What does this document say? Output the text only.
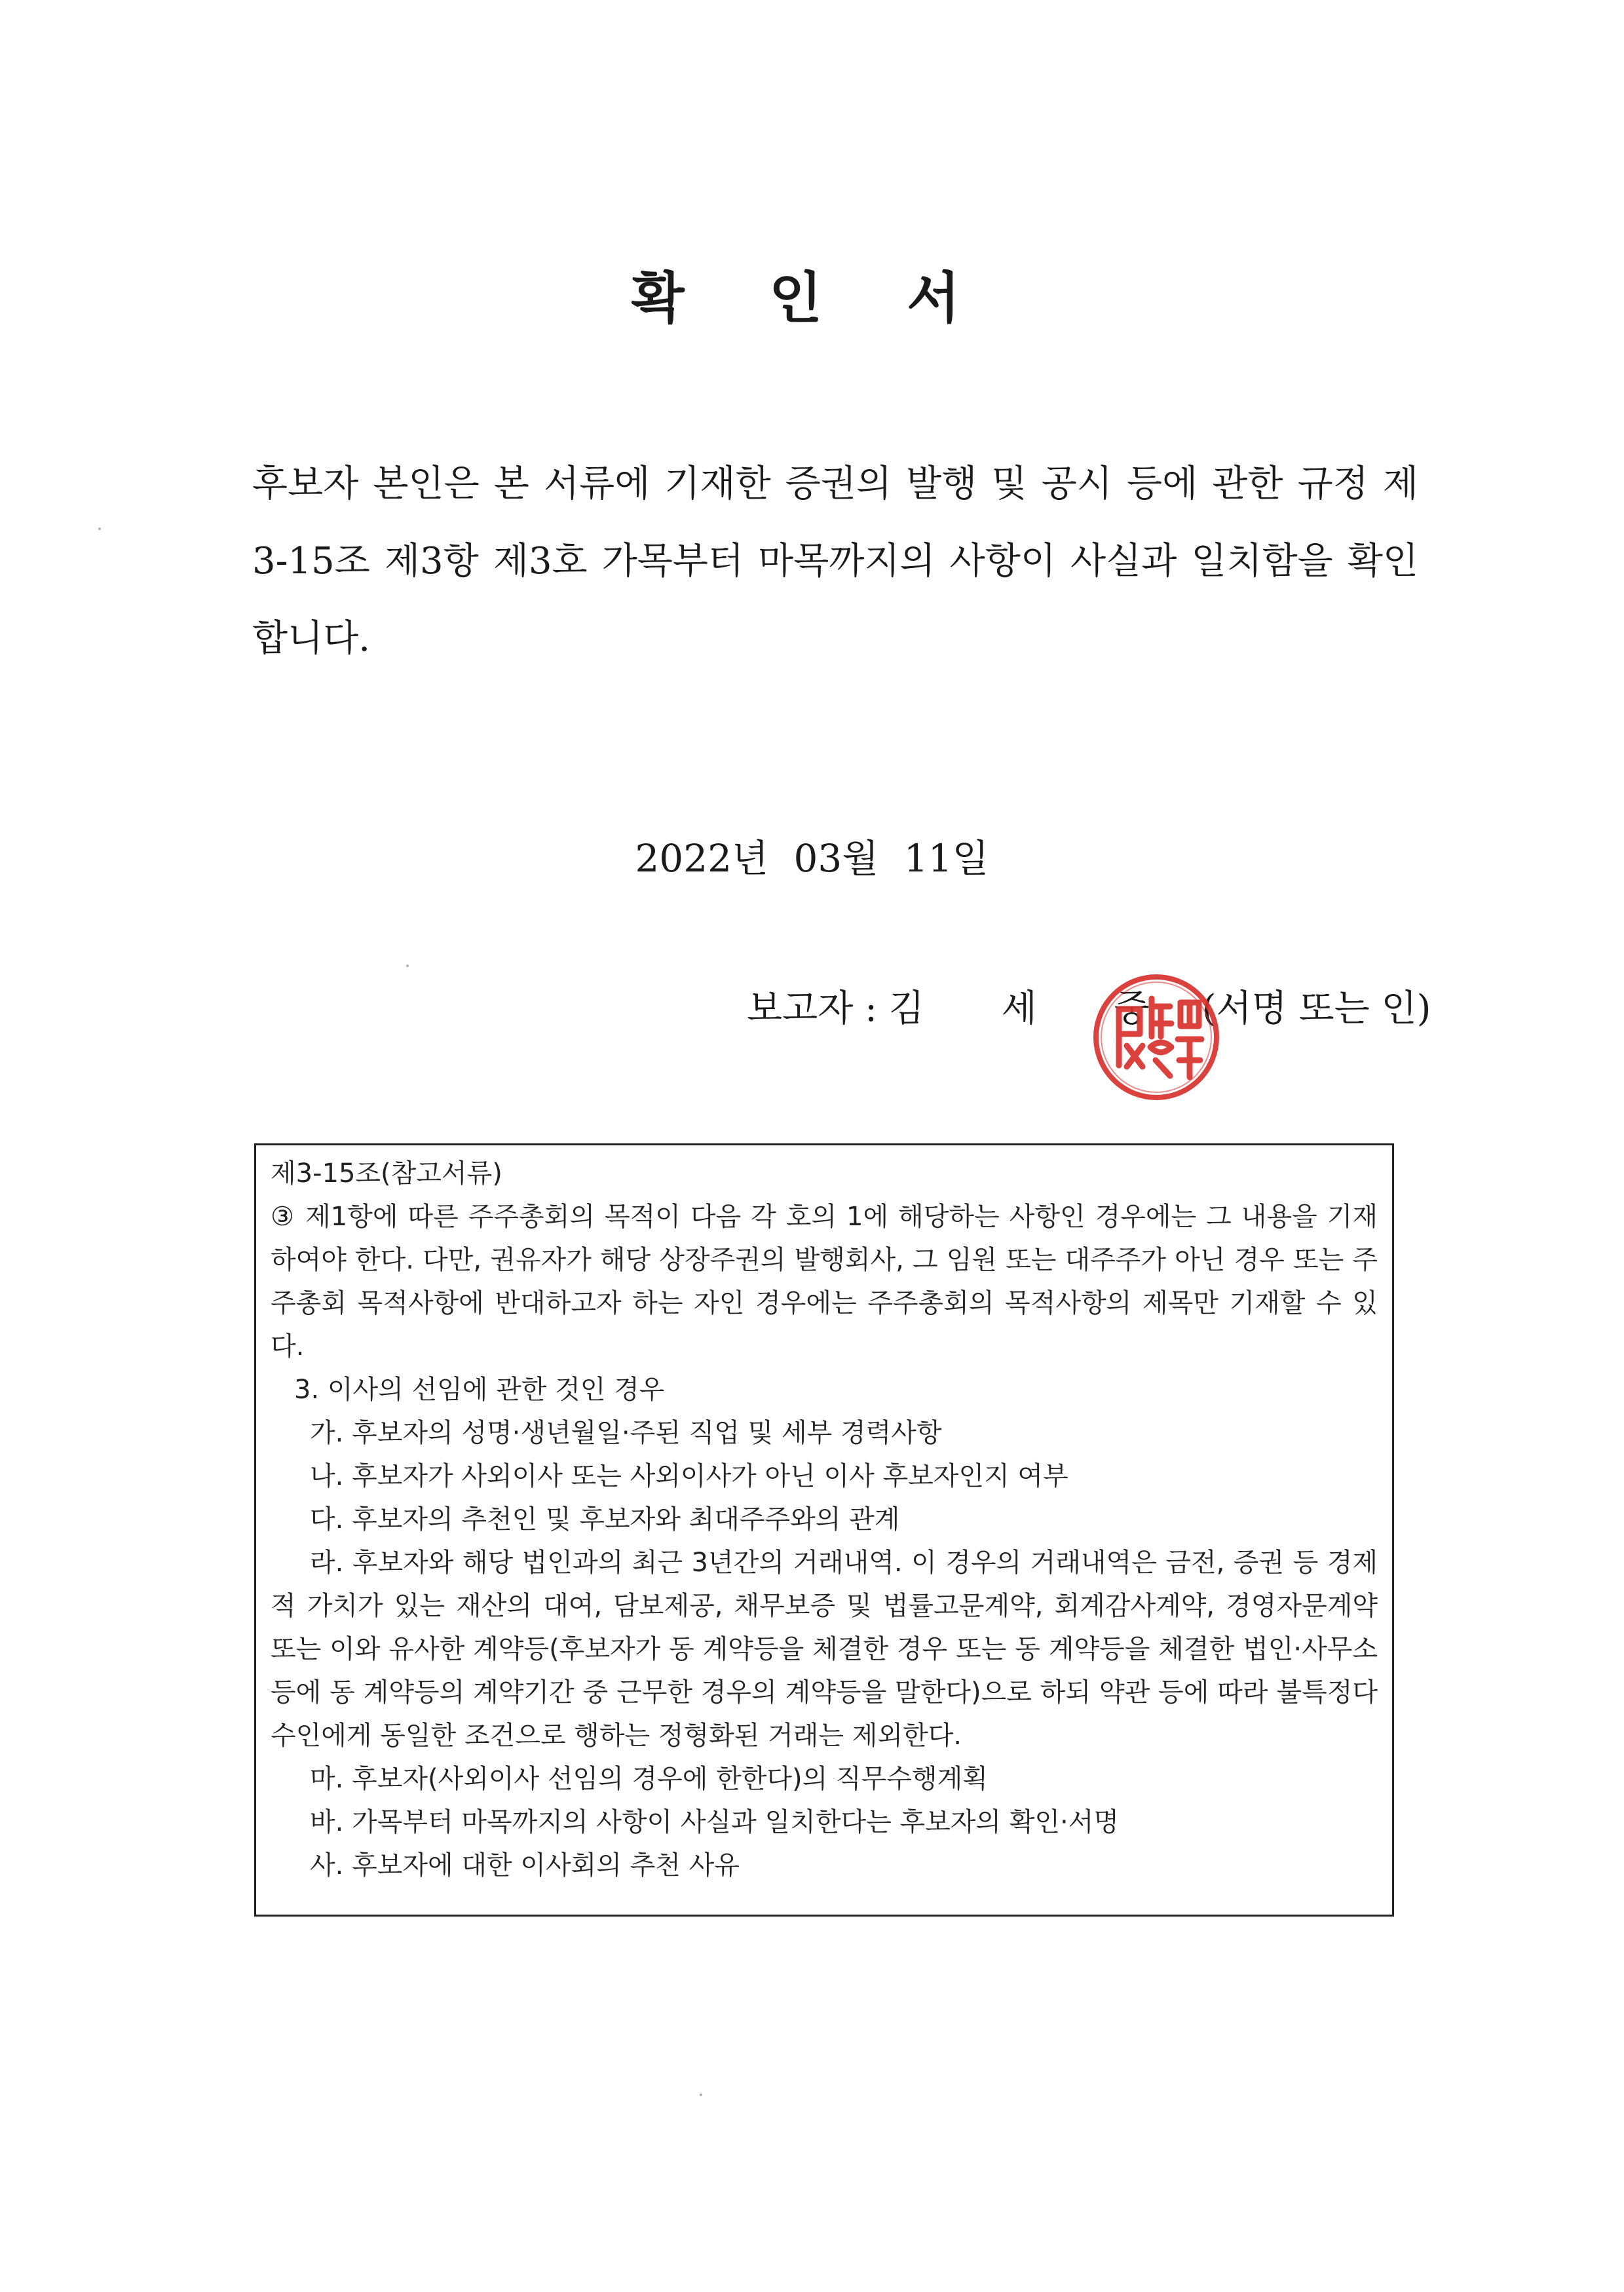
확 인 서
후보자 본인은 본 서류에 기재한 증권의 발행 및 공시 등에 관한 규정 제3-15조 제3항 제3호 가목부터 마목까지의 사항이 사실과 일치함을 확인합니다.
2022년 03월 11일
보고자 : 김 세 중 (서명 또는 인)

제3-15조(참고서류)

③ 제1항에 따른 주주총회의 목적이 다음 각 호의 1에 해당하는 사항인 경우에는 그 내용을 기재하여야 한다. 다만, 권유자가 해당 상장주권의 발행회사, 그 임원 또는 대주주가 아닌 경우 또는 주주총회 목적사항에 반대하고자 하는 자인 경우에는 주주총회의 목적사항의 제목만 기재할 수 있다.

3. 이사의 선임에 관한 것인 경우

가. 후보자의 성명·생년월일·주된 직업 및 세부 경력사항

나. 후보자가 사외이사 또는 사외이사가 아닌 이사 후보자인지 여부

다. 후보자의 추천인 및 후보자와 최대주주와의 관계

라. 후보자와 해당 법인과의 최근 3년간의 거래내역. 이 경우의 거래내역은 금전, 증권 등 경제적 가치가 있는 재산의 대여, 담보제공, 채무보증 및 법률고문계약, 회계감사계약, 경영자문계약 또는 이와 유사한 계약등(후보자가 동 계약등을 체결한 경우 또는 동 계약등을 체결한 법인·사무소 등에 동 계약등의 계약기간 중 근무한 경우의 계약등을 말한다)으로 하되 약관 등에 따라 불특정다수인에게 동일한 조건으로 행하는 정형화된 거래는 제외한다.

마. 후보자(사외이사 선임의 경우에 한한다)의 직무수행계획

바. 가목부터 마목까지의 사항이 사실과 일치한다는 후보자의 확인·서명

사. 후보자에 대한 이사회의 추천 사유
